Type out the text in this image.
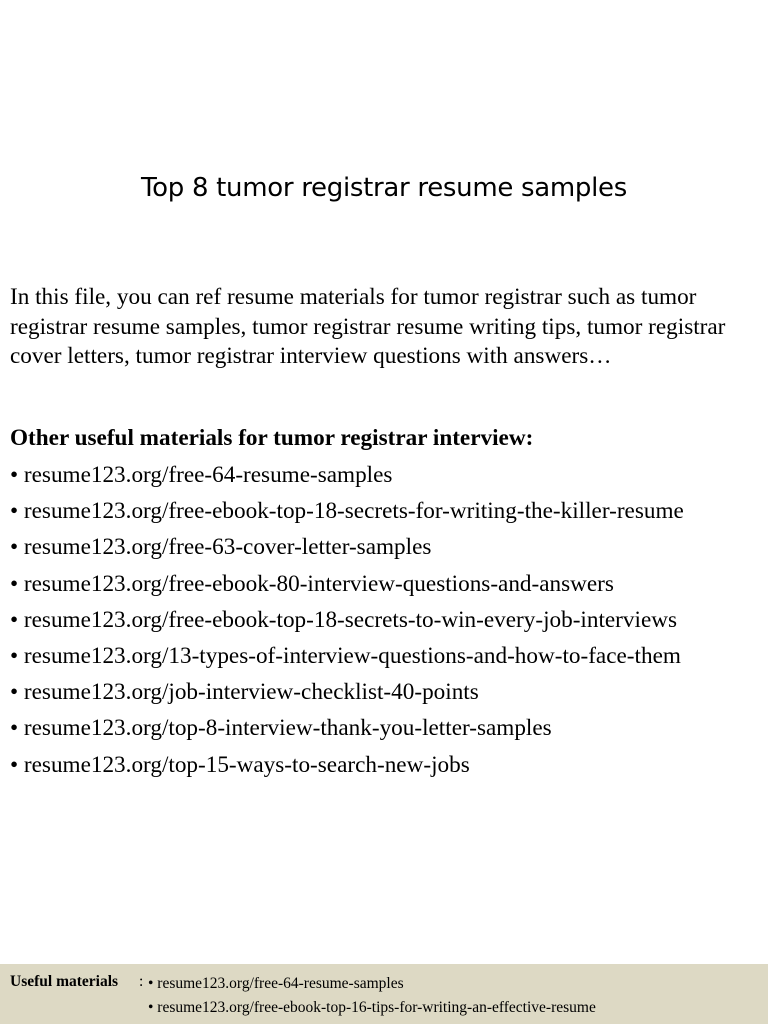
Top 8 tumor registrar resume samples

In this file, you can ref resume materials for tumor registrar such as tumor registrar resume samples, tumor registrar resume writing tips, tumor registrar cover letters, tumor registrar interview questions with answers…

Other useful materials for tumor registrar interview:

• resume123.org/free-64-resume-samples
• resume123.org/free-ebook-top-18-secrets-for-writing-the-killer-resume
• resume123.org/free-63-cover-letter-samples
• resume123.org/free-ebook-80-interview-questions-and-answers
• resume123.org/free-ebook-top-18-secrets-to-win-every-job-interviews
• resume123.org/13-types-of-interview-questions-and-how-to-face-them
• resume123.org/job-interview-checklist-40-points
• resume123.org/top-8-interview-thank-you-letter-samples
• resume123.org/top-15-ways-to-search-new-jobs
Useful materials : • resume123.org/free-64-resume-samples
• resume123.org/free-ebook-top-16-tips-for-writing-an-effective-resume
